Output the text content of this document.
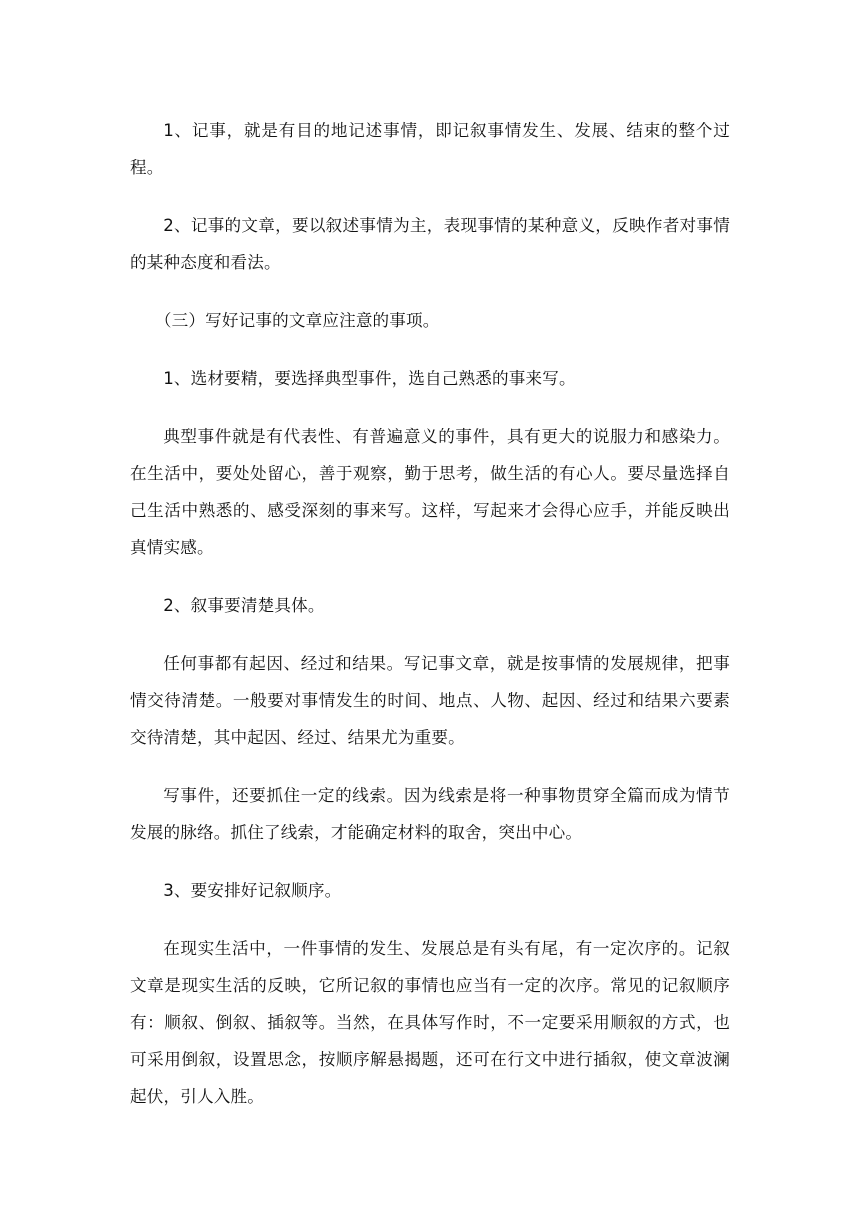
1、记事，就是有目的地记述事情，即记叙事情发生、发展、结束的整个过程。

2、记事的文章，要以叙述事情为主，表现事情的某种意义，反映作者对事情的某种态度和看法。

（三）写好记事的文章应注意的事项。

1、选材要精，要选择典型事件，选自己熟悉的事来写。

典型事件就是有代表性、有普遍意义的事件，具有更大的说服力和感染力。在生活中，要处处留心，善于观察，勤于思考，做生活的有心人。要尽量选择自己生活中熟悉的、感受深刻的事来写。这样，写起来才会得心应手，并能反映出真情实感。

2、叙事要清楚具体。

任何事都有起因、经过和结果。写记事文章，就是按事情的发展规律，把事情交待清楚。一般要对事情发生的时间、地点、人物、起因、经过和结果六要素交待清楚，其中起因、经过、结果尤为重要。

写事件，还要抓住一定的线索。因为线索是将一种事物贯穿全篇而成为情节发展的脉络。抓住了线索，才能确定材料的取舍，突出中心。

3、要安排好记叙顺序。

在现实生活中，一件事情的发生、发展总是有头有尾，有一定次序的。记叙文章是现实生活的反映，它所记叙的事情也应当有一定的次序。常见的记叙顺序有：顺叙、倒叙、插叙等。当然，在具体写作时，不一定要采用顺叙的方式，也可采用倒叙，设置思念，按顺序解悬揭题，还可在行文中进行插叙，使文章波澜起伏，引人入胜。
